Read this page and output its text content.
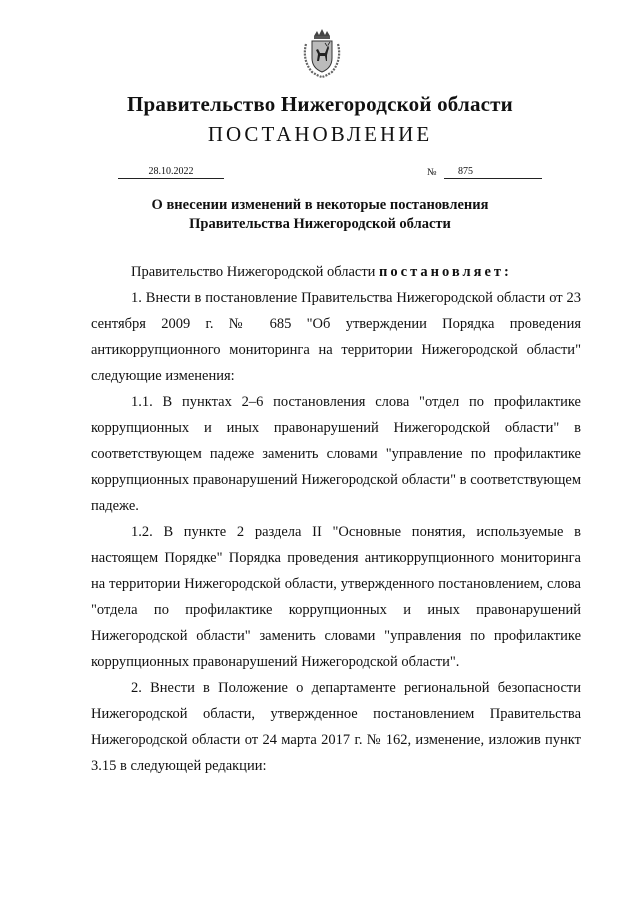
Правительство Нижегородской области
ПОСТАНОВЛЕНИЕ
28.10.2022	№	875
О внесении изменений в некоторые постановления
Правительства Нижегородской области

Правительство Нижегородской области постановляет:

1. Внести в постановление Правительства Нижегородской области от 23 сентября 2009 г. № 685 "Об утверждении Порядка проведения антикоррупционного мониторинга на территории Нижегородской области" следующие изменения:

1.1. В пунктах 2–6 постановления слова "отдел по профилактике коррупционных и иных правонарушений Нижегородской области" в соответствующем падеже заменить словами "управление по профилактике коррупционных правонарушений Нижегородской области" в соответствующем падеже.

1.2. В пункте 2 раздела II "Основные понятия, используемые в настоящем Порядке" Порядка проведения антикоррупционного мониторинга на территории Нижегородской области, утвержденного постановлением, слова "отдела по профилактике коррупционных и иных правонарушений Нижегородской области" заменить словами "управления по профилактике коррупционных правонарушений Нижегородской области".

2. Внести в Положение о департаменте региональной безопасности Нижегородской области, утвержденное постановлением Правительства Нижегородской области от 24 марта 2017 г. № 162, изменение, изложив пункт 3.15 в следующей редакции:
